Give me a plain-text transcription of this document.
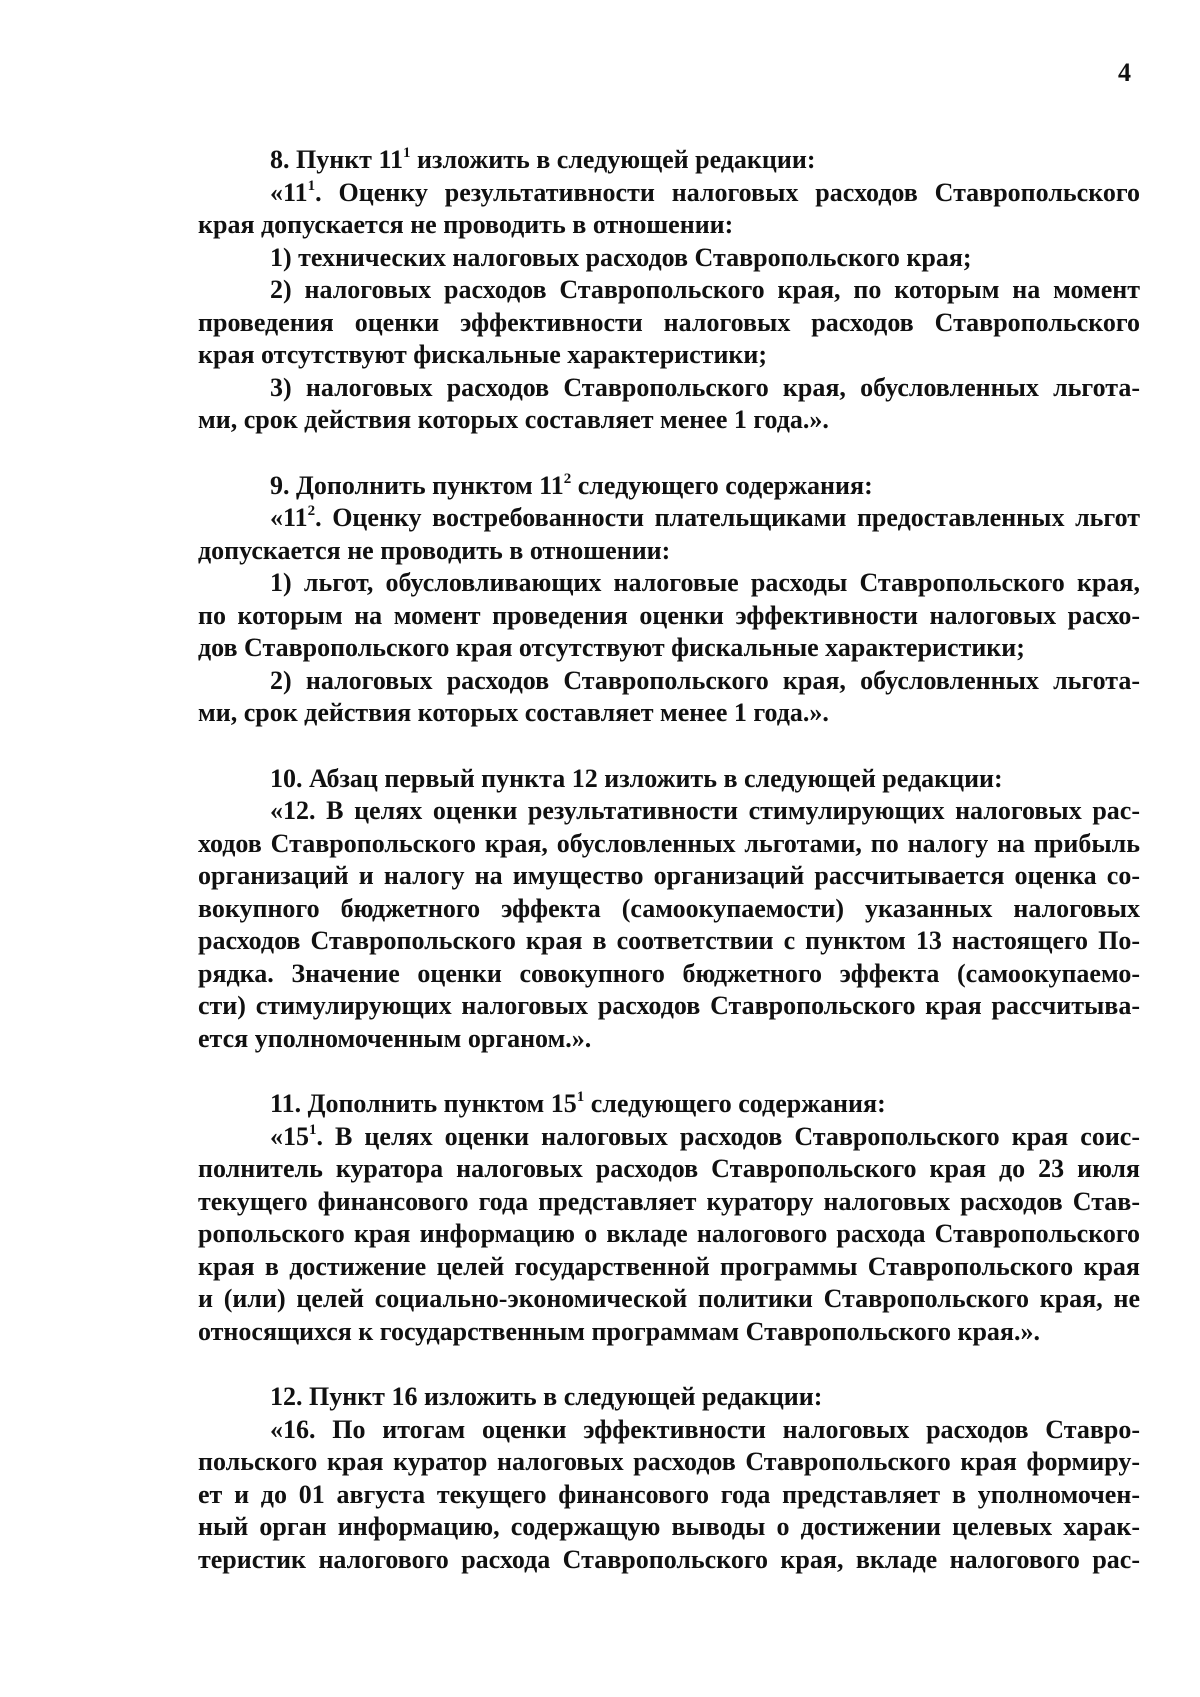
4
8. Пункт $11^1$ изложить в следующей редакции:
«$11^1$. Оценку результативности налоговых расходов Ставропольского
края допускается не проводить в отношении:
1) технических налоговых расходов Ставропольского края;
2) налоговых расходов Ставропольского края, по которым на момент
проведения оценки эффективности налоговых расходов Ставропольского
края отсутствуют фискальные характеристики;
3) налоговых расходов Ставропольского края, обусловленных льгота-
ми, срок действия которых составляет менее 1 года.».
9. Дополнить пунктом $11^2$ следующего содержания:
«$11^2$. Оценку востребованности плательщиками предоставленных льгот
допускается не проводить в отношении:
1) льгот, обусловливающих налоговые расходы Ставропольского края,
по которым на момент проведения оценки эффективности налоговых расхо-
дов Ставропольского края отсутствуют фискальные характеристики;
2) налоговых расходов Ставропольского края, обусловленных льгота-
ми, срок действия которых составляет менее 1 года.».
10. Абзац первый пункта 12 изложить в следующей редакции:
«12. В целях оценки результативности стимулирующих налоговых рас-
ходов Ставропольского края, обусловленных льготами, по налогу на прибыль
организаций и налогу на имущество организаций рассчитывается оценка со-
вокупного бюджетного эффекта (самоокупаемости) указанных налоговых
расходов Ставропольского края в соответствии с пунктом 13 настоящего По-
рядка. Значение оценки совокупного бюджетного эффекта (самоокупаемо-
сти) стимулирующих налоговых расходов Ставропольского края рассчитыва-
ется уполномоченным органом.».
11. Дополнить пунктом $15^1$ следующего содержания:
«$15^1$. В целях оценки налоговых расходов Ставропольского края соис-
полнитель куратора налоговых расходов Ставропольского края до 23 июля
текущего финансового года представляет куратору налоговых расходов Став-
ропольского края информацию о вкладе налогового расхода Ставропольского
края в достижение целей государственной программы Ставропольского края
и (или) целей социально-экономической политики Ставропольского края, не
относящихся к государственным программам Ставропольского края.».
12. Пункт 16 изложить в следующей редакции:
«16. По итогам оценки эффективности налоговых расходов Ставро-
польского края куратор налоговых расходов Ставропольского края формиру-
ет и до 01 августа текущего финансового года представляет в уполномочен-
ный орган информацию, содержащую выводы о достижении целевых харак-
теристик налогового расхода Ставропольского края, вкладе налогового рас-
